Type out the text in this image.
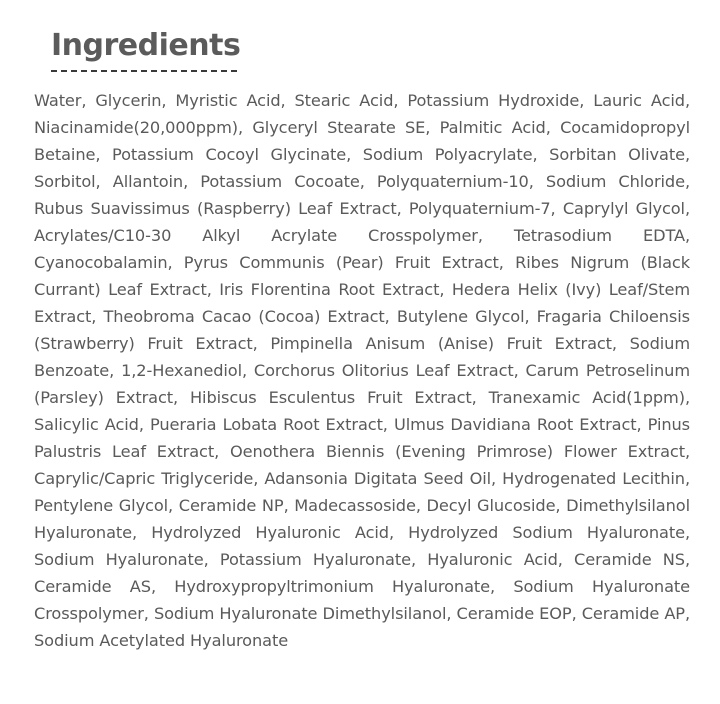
Ingredients

Water, Glycerin, Myristic Acid, Stearic Acid, Potassium Hydroxide, Lauric Acid, Niacinamide(20,000ppm), Glyceryl Stearate SE, Palmitic Acid, Cocamidopropyl Betaine, Potassium Cocoyl Glycinate, Sodium Polyacrylate, Sorbitan Olivate, Sorbitol, Allantoin, Potassium Cocoate, Polyquaternium-10, Sodium Chloride, Rubus Suavissimus (Raspberry) Leaf Extract, Polyquaternium-7, Caprylyl Glycol, Acrylates/C10-30 Alkyl Acrylate Crosspolymer, Tetrasodium EDTA, Cyanocobalamin, Pyrus Communis (Pear) Fruit Extract, Ribes Nigrum (Black Currant) Leaf Extract, Iris Florentina Root Extract, Hedera Helix (Ivy) Leaf/Stem Extract, Theobroma Cacao (Cocoa) Extract, Butylene Glycol, Fragaria Chiloensis (Strawberry) Fruit Extract, Pimpinella Anisum (Anise) Fruit Extract, Sodium Benzoate, 1,2-Hexanediol, Corchorus Olitorius Leaf Extract, Carum Petroselinum (Parsley) Extract, Hibiscus Esculentus Fruit Extract, Tranexamic Acid(1ppm), Salicylic Acid, Pueraria Lobata Root Extract, Ulmus Davidiana Root Extract, Pinus Palustris Leaf Extract, Oenothera Biennis (Evening Primrose) Flower Extract, Caprylic/Capric Triglyceride, Adansonia Digitata Seed Oil, Hydrogenated Lecithin, Pentylene Glycol, Ceramide NP, Madecassoside, Decyl Glucoside, Dimethylsilanol Hyaluronate, Hydrolyzed Hyaluronic Acid, Hydrolyzed Sodium Hyaluronate, Sodium Hyaluronate, Potassium Hyaluronate, Hyaluronic Acid, Ceramide NS, Ceramide AS, Hydroxypropyltrimonium Hyaluronate, Sodium Hyaluronate Crosspolymer, Sodium Hyaluronate Dimethylsilanol, Ceramide EOP, Ceramide AP, Sodium Acetylated Hyaluronate
